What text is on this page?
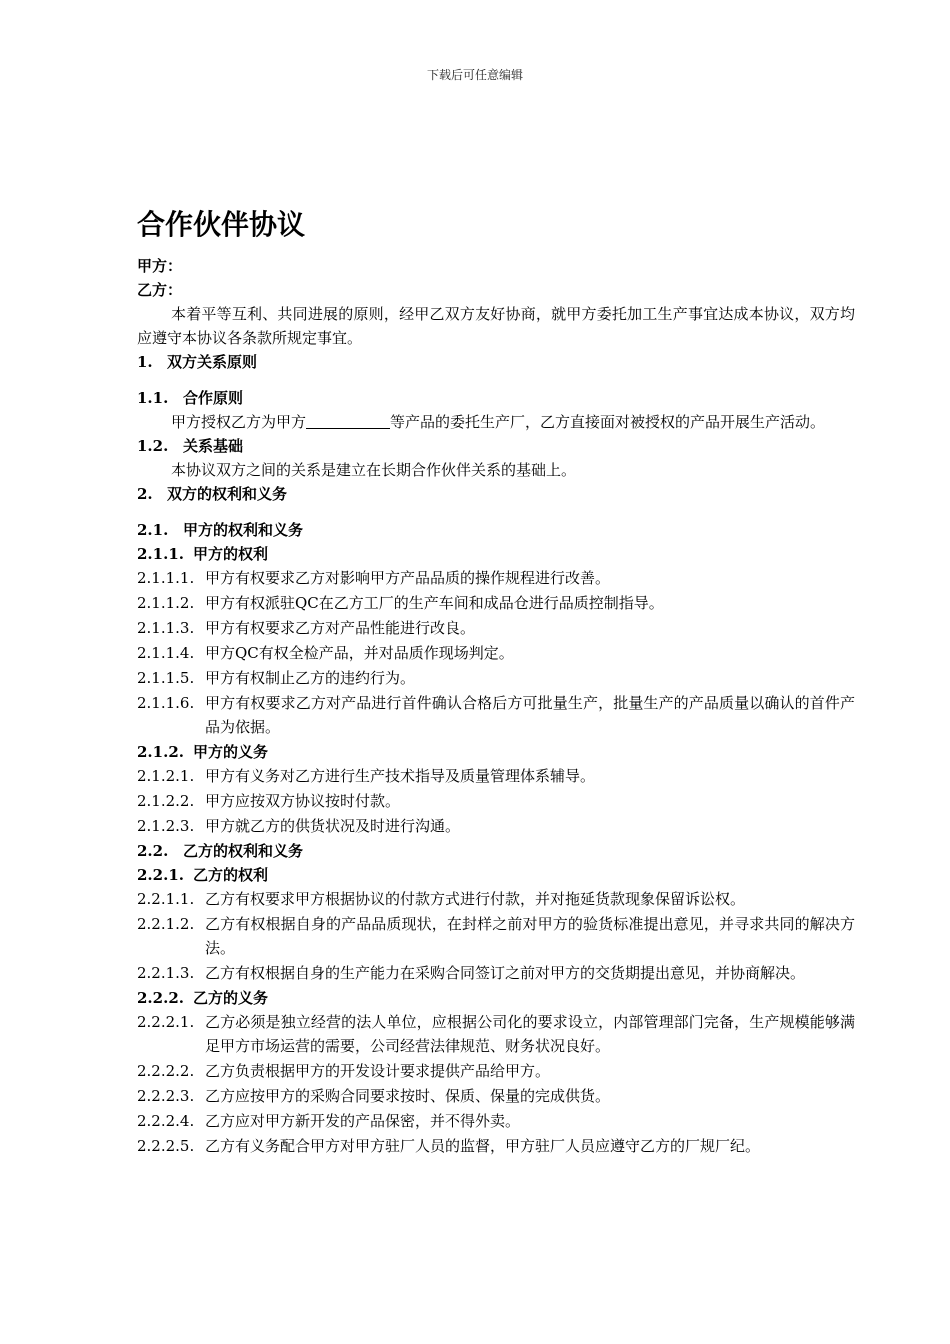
下载后可任意编辑
合作伙伴协议
甲方：
乙方：

本着平等互利、共同进展的原则，经甲乙双方友好协商，就甲方委托加工生产事宜达成本协议，双方均应遵守本协议各条款所规定事宜。

1. 双方关系原则
1.1. 合作原则

甲方授权乙方为甲方	等产品的委托生产厂，乙方直接面对被授权的产品开展生产活动。

1.2. 关系基础

本协议双方之间的关系是建立在长期合作伙伴关系的基础上。

2. 双方的权利和义务
2.1. 甲方的权利和义务
2.1.1. 甲方的权利
2.1.1.1. 甲方有权要求乙方对影响甲方产品品质的操作规程进行改善。
2.1.1.2. 甲方有权派驻QC在乙方工厂的生产车间和成品仓进行品质控制指导。
2.1.1.3. 甲方有权要求乙方对产品性能进行改良。
2.1.1.4. 甲方QC有权全检产品，并对品质作现场判定。
2.1.1.5. 甲方有权制止乙方的违约行为。
2.1.1.6. 甲方有权要求乙方对产品进行首件确认合格后方可批量生产，批量生产的产品质量以确认的首件产品为依据。
2.1.2. 甲方的义务
2.1.2.1. 甲方有义务对乙方进行生产技术指导及质量管理体系辅导。
2.1.2.2. 甲方应按双方协议按时付款。
2.1.2.3. 甲方就乙方的供货状况及时进行沟通。
2.2. 乙方的权利和义务
2.2.1. 乙方的权利
2.2.1.1. 乙方有权要求甲方根据协议的付款方式进行付款，并对拖延货款现象保留诉讼权。
2.2.1.2. 乙方有权根据自身的产品品质现状，在封样之前对甲方的验货标准提出意见，并寻求共同的解决方法。
2.2.1.3. 乙方有权根据自身的生产能力在采购合同签订之前对甲方的交货期提出意见，并协商解决。
2.2.2. 乙方的义务
2.2.2.1. 乙方必须是独立经营的法人单位，应根据公司化的要求设立，内部管理部门完备，生产规模能够满足甲方市场运营的需要，公司经营法律规范、财务状况良好。
2.2.2.2. 乙方负责根据甲方的开发设计要求提供产品给甲方。
2.2.2.3. 乙方应按甲方的采购合同要求按时、保质、保量的完成供货。
2.2.2.4. 乙方应对甲方新开发的产品保密，并不得外卖。
2.2.2.5. 乙方有义务配合甲方对甲方驻厂人员的监督，甲方驻厂人员应遵守乙方的厂规厂纪。
